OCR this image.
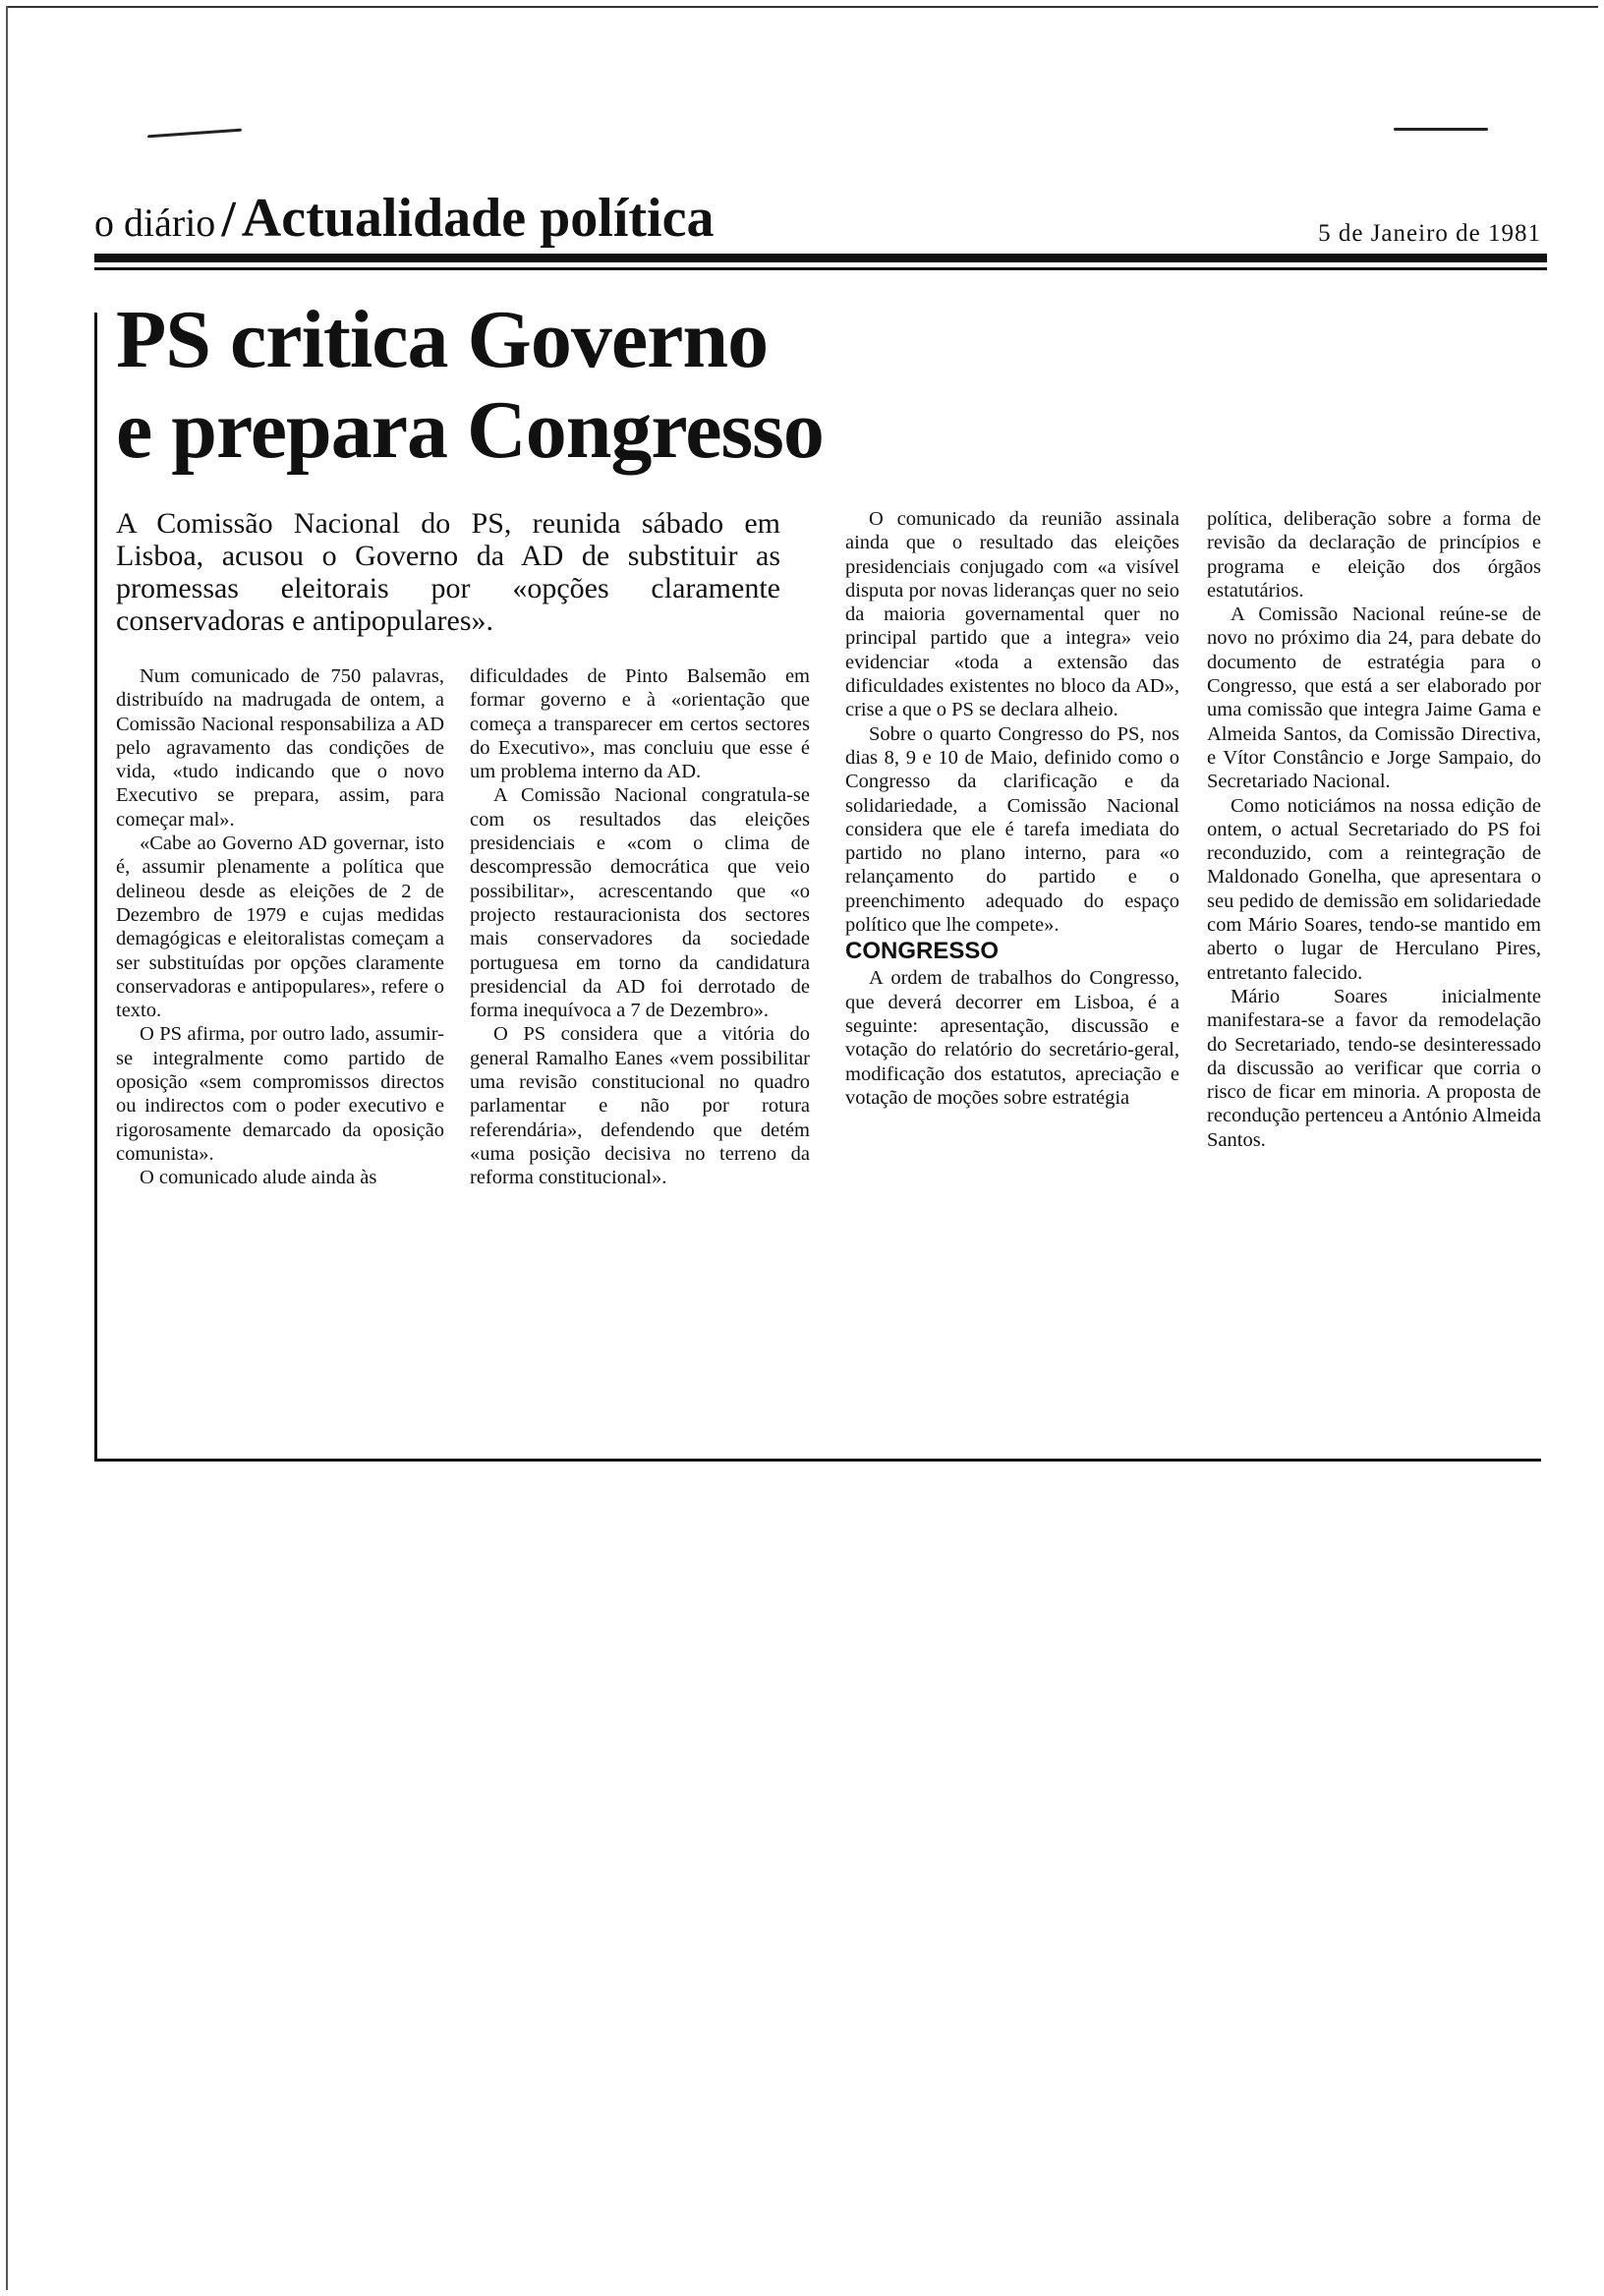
o diário / Actualidade política	5 de Janeiro de 1981
PS critica Governo
e prepara Congresso

A Comissão Nacional do PS, reunida sábado em Lisboa, acusou o Governo da AD de substituir as promessas eleitorais por «opções claramente conservadoras e antipopulares».

Num comunicado de 750 palavras, distribuído na madrugada de ontem, a Comissão Nacional responsabiliza a AD pelo agravamento das condições de vida, «tudo indicando que o novo Executivo se prepara, assim, para começar mal».

«Cabe ao Governo AD governar, isto é, assumir plenamente a política que delineou desde as eleições de 2 de Dezembro de 1979 e cujas medidas demagógicas e eleitoralistas começam a ser substituídas por opções claramente conservadoras e antipopulares», refere o texto.

O PS afirma, por outro lado, assumir-se integralmente como partido de oposição «sem compromissos directos ou indirectos com o poder executivo e rigorosamente demarcado da oposição comunista».

O comunicado alude ainda às

dificuldades de Pinto Balsemão em formar governo e à «orientação que começa a transparecer em certos sectores do Executivo», mas concluiu que esse é um problema interno da AD.

A Comissão Nacional congratula-se com os resultados das eleições presidenciais e «com o clima de descompressão democrática que veio possibilitar», acrescentando que «o projecto restauracionista dos sectores mais conservadores da sociedade portuguesa em torno da candidatura presidencial da AD foi derrotado de forma inequívoca a 7 de Dezembro».

O PS considera que a vitória do general Ramalho Eanes «vem possibilitar uma revisão constitucional no quadro parlamentar e não por rotura referendária», defendendo que detém «uma posição decisiva no terreno da reforma constitucional».

O comunicado da reunião assinala ainda que o resultado das eleições presidenciais conjugado com «a visível disputa por novas lideranças quer no seio da maioria governamental quer no principal partido que a integra» veio evidenciar «toda a extensão das dificuldades existentes no bloco da AD», crise a que o PS se declara alheio.

Sobre o quarto Congresso do PS, nos dias 8, 9 e 10 de Maio, definido como o Congresso da clarificação e da solidariedade, a Comissão Nacional considera que ele é tarefa imediata do partido no plano interno, para «o relançamento do partido e o preenchimento adequado do espaço político que lhe compete».

CONGRESSO

A ordem de trabalhos do Congresso, que deverá decorrer em Lisboa, é a seguinte: apresentação, discussão e votação do relatório do secretário-geral, modificação dos estatutos, apreciação e votação de moções sobre estratégia

política, deliberação sobre a forma de revisão da declaração de princípios e programa e eleição dos órgãos estatutários.

A Comissão Nacional reúne-se de novo no próximo dia 24, para debate do documento de estratégia para o Congresso, que está a ser elaborado por uma comissão que integra Jaime Gama e Almeida Santos, da Comissão Directiva, e Vítor Constâncio e Jorge Sampaio, do Secretariado Nacional.

Como noticiámos na nossa edição de ontem, o actual Secretariado do PS foi reconduzido, com a reintegração de Maldonado Gonelha, que apresentara o seu pedido de demissão em solidariedade com Mário Soares, tendo-se mantido em aberto o lugar de Herculano Pires, entretanto falecido.

Mário Soares inicialmente manifestara-se a favor da remodelação do Secretariado, tendo-se desinteressado da discussão ao verificar que corria o risco de ficar em minoria. A proposta de recondução pertenceu a António Almeida Santos.
